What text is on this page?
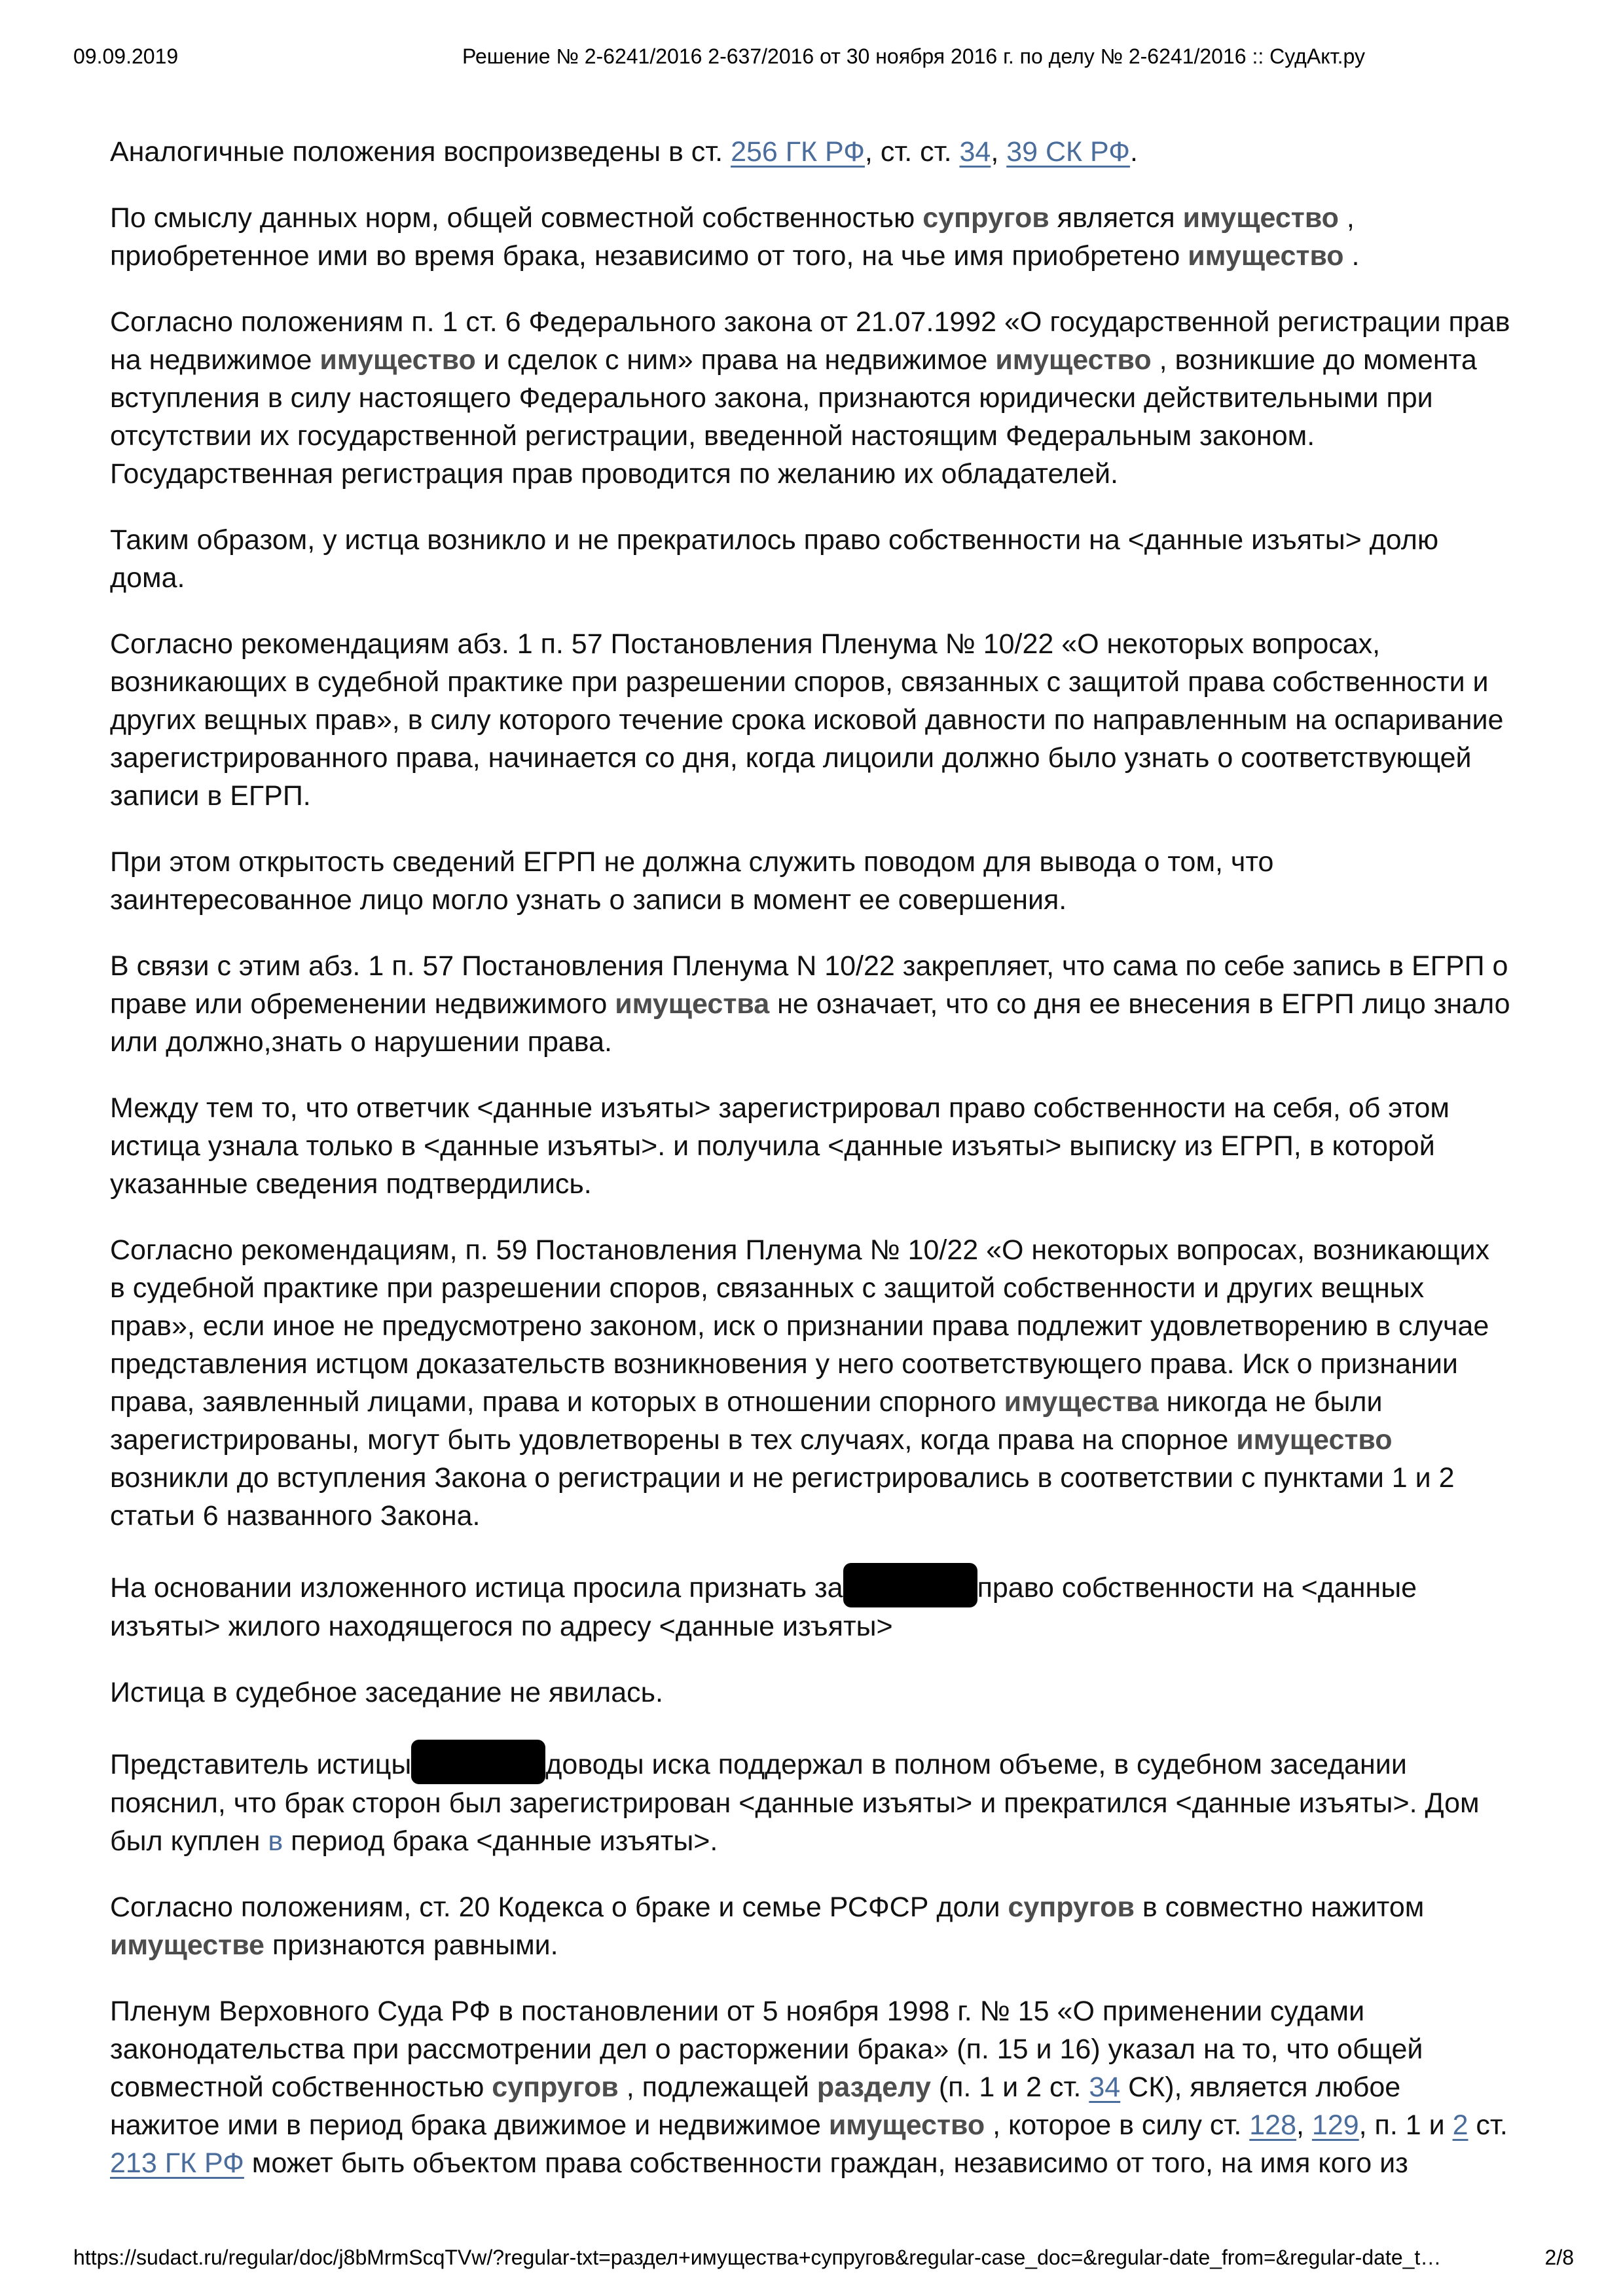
09.09.2019	Решение № 2-6241/2016 2-637/2016 от 30 ноября 2016 г. по делу № 2-6241/2016 :: СудАкт.ру

Аналогичные положения воспроизведены в ст. 256 ГК РФ, ст. ст. 34, 39 СК РФ.

По смыслу данных норм, общей совместной собственностью супругов является имущество , приобретенное ими во время брака, независимо от того, на чье имя приобретено имущество .

Согласно положениям п. 1 ст. 6 Федерального закона от 21.07.1992 «О государственной регистрации прав на недвижимое имущество и сделок с ним» права на недвижимое имущество , возникшие до момента вступления в силу настоящего Федерального закона, признаются юридически действительными при отсутствии их государственной регистрации, введенной настоящим Федеральным законом. Государственная регистрация прав проводится по желанию их обладателей.

Таким образом, у истца возникло и не прекратилось право собственности на <данные изъяты> долю дома.

Согласно рекомендациям абз. 1 п. 57 Постановления Пленума № 10/22 «О некоторых вопросах, возникающих в судебной практике при разрешении споров, связанных с защитой права собственности и других вещных прав», в силу которого течение срока исковой давности по направленным на оспаривание зарегистрированного права, начинается со дня, когда лицоили должно было узнать о соответствующей записи в ЕГРП.

При этом открытость сведений ЕГРП не должна служить поводом для вывода о том, что заинтересованное лицо могло узнать о записи в момент ее совершения.

В связи с этим абз. 1 п. 57 Постановления Пленума N 10/22 закрепляет, что сама по себе запись в ЕГРП о праве или обременении недвижимого имущества не означает, что со дня ее внесения в ЕГРП лицо знало или должно,знать о нарушении права.

Между тем то, что ответчик <данные изъяты> зарегистрировал право собственности на себя, об этом истица узнала только в <данные изъяты>. и получила <данные изъяты> выписку из ЕГРП, в которой указанные сведения подтвердились.

Согласно рекомендациям, п. 59 Постановления Пленума № 10/22 «О некоторых вопросах, возникающих в судебной практике при разрешении споров, связанных с защитой собственности и других вещных прав», если иное не предусмотрено законом, иск о признании права подлежит удовлетворению в случае представления истцом доказательств возникновения у него соответствующего права. Иск о признании права, заявленный лицами, права и которых в отношении спорного имущества никогда не были зарегистрированы, могут быть удовлетворены в тех случаях, когда права на спорное имущество возникли до вступления Закона о регистрации и не регистрировались в соответствии с пунктами 1 и 2 статьи 6 названного Закона.

На основании изложенного истица просила признать за	право собственности на <данные изъяты> жилого находящегося по адресу <данные изъяты>

Истица в судебное заседание не явилась.

Представитель истицы	доводы иска поддержал в полном объеме, в судебном заседании пояснил, что брак сторон был зарегистрирован <данные изъяты> и прекратился <данные изъяты>. Дом был куплен в период брака <данные изъяты>.

Согласно положениям, ст. 20 Кодекса о браке и семье РСФСР доли супругов в совместно нажитом имуществе признаются равными.

Пленум Верховного Суда РФ в постановлении от 5 ноября 1998 г. № 15 «О применении судами законодательства при рассмотрении дел о расторжении брака» (п. 15 и 16) указал на то, что общей совместной собственностью супругов , подлежащей разделу (п. 1 и 2 ст. 34 СК), является любое нажитое ими в период брака движимое и недвижимое имущество , которое в силу ст. 128, 129, п. 1 и 2 ст. 213 ГК РФ может быть объектом права собственности граждан, независимо от того, на имя кого из

https://sudact.ru/regular/doc/j8bMrmScqTVw/?regular-txt=раздел+имущества+супругов&regular-case_doc=&regular-date_from=&regular-date_t…	2/8
